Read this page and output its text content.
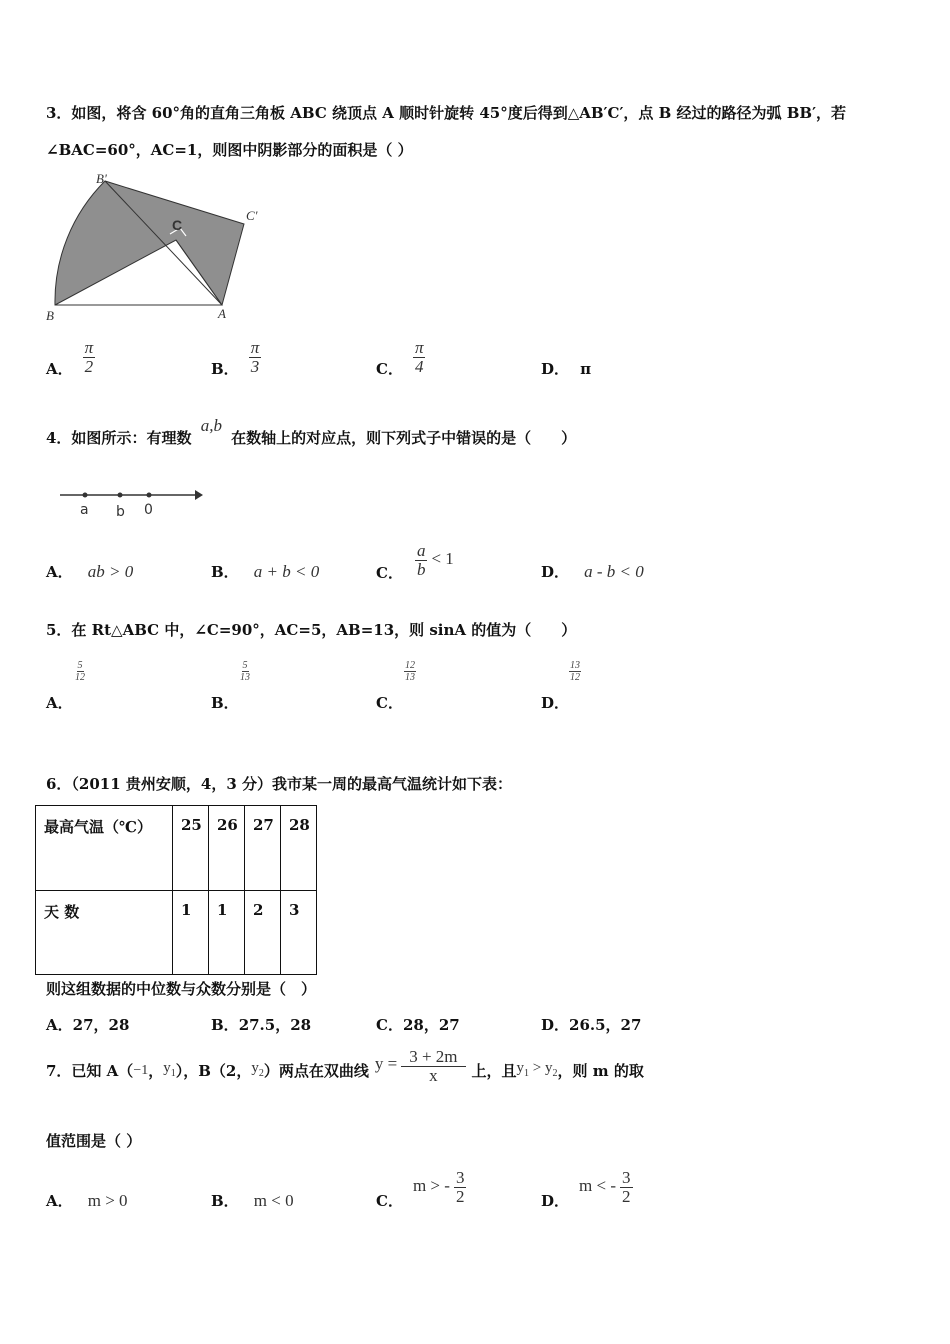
3．如图，将含 60°角的直角三角板 ABC 绕顶点 A 顺时针旋转 45°度后得到△AB′C′，点 B 经过的路径为弧 BB′，若
∠BAC=60°，AC=1，则图中阴影部分的面积是（ ）
B'
C'
C
B	A
A． $\frac{\pi}{2}$	B． $\frac{\pi}{3}$	C． $\frac{\pi}{4}$	D． π
4．如图所示：有理数 a,b 在数轴上的对应点，则下列式子中错误的是（　　）
a b 0
A． ab > 0	B． a + b < 0	C． $\frac{a}{b} < 1$
D． a - b < 0
5．在 Rt△ABC 中，∠C=90°，AC=5，AB=13，则 sinA 的值为（　　）
$\frac{5}{12}$
A．
$\frac{5}{13}$
B．
$\frac{12}{13}$
C．
$\frac{13}{12}$
D．
6．（2011 贵州安顺，4，3 分）我市某一周的最高气温统计如下表：
最高气温（℃）	25	26	27	28
天 数	1	1	2	3
则这组数据的中位数与众数分别是（　）
A．27，28	B．27.5，28	C．28，27	D．26.5，27
7．已知 A（ −1 ， $y_1$ ），B（2， $y_2$ ）两点在双曲线 $y = \frac{3 + 2m}{x}$ 上，且 $y_1 > y_2$ ，则 m 的取
值范围是（ ）
A． m > 0	B． m < 0	C．
m > - $\frac{3}{2}$	D．
m < - $\frac{3}{2}$
